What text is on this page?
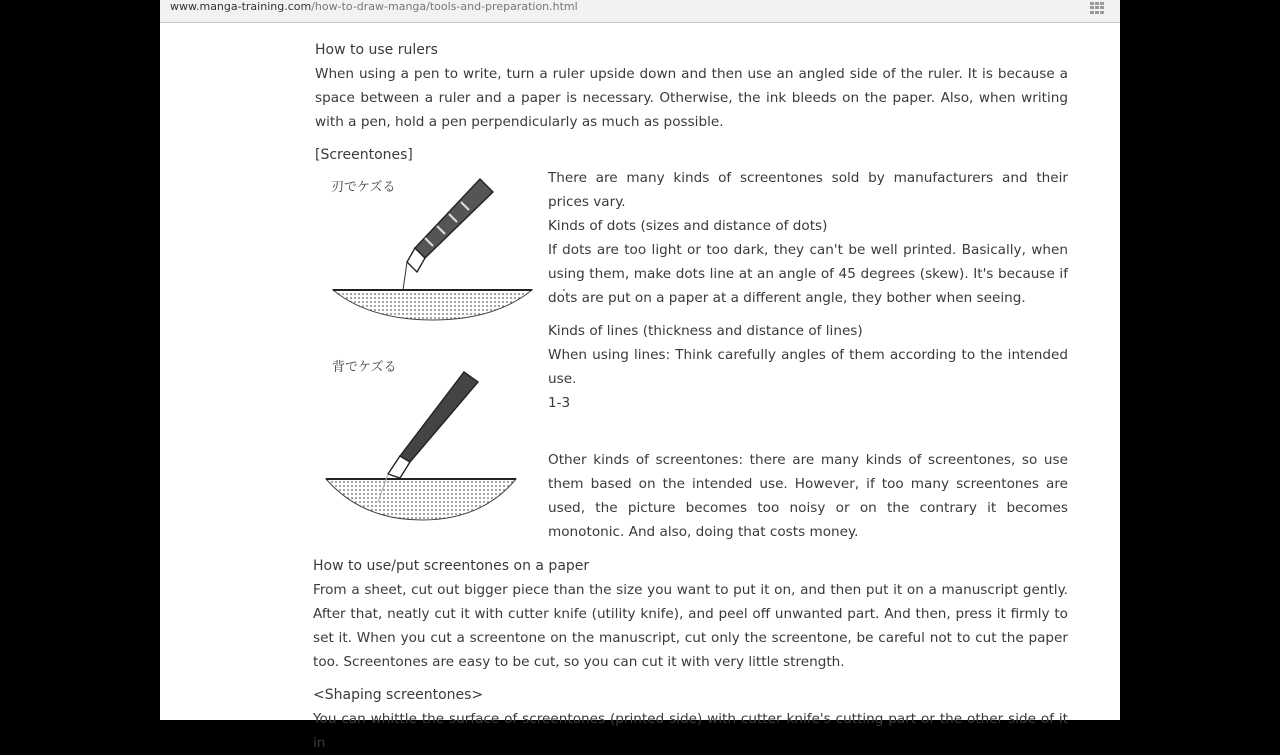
www.manga-training.com/how-to-draw-manga/tools-and-preparation.html
How to use rulers
When using a pen to write, turn a ruler upside down and then use an angled side of the ruler. It is because a space between a ruler and a paper is necessary. Otherwise, the ink bleeds on the paper. Also, when writing with a pen, hold a pen perpendicularly as much as possible.
[Screentones]
刃でケズる
背でケズる
There are many kinds of screentones sold by manufacturers and their prices vary.
Kinds of dots (sizes and distance of dots)
If dots are too light or too dark, they can't be well printed. Basically, when using them, make dots line at an angle of 45 degrees (skew). It's because if dots are put on a paper at a different angle, they bother when seeing.
Kinds of lines (thickness and distance of lines)
When using lines: Think carefully angles of them according to the intended use.
1-3
Other kinds of screentones: there are many kinds of screentones, so use them based on the intended use. However, if too many screentones are used, the picture becomes too noisy or on the contrary it becomes monotonic. And also, doing that costs money.
How to use/put screentones on a paper
From a sheet, cut out bigger piece than the size you want to put it on, and then put it on a manuscript gently. After that, neatly cut it with cutter knife (utility knife), and peel off unwanted part. And then, press it firmly to set it. When you cut a screentone on the manuscript, cut only the screentone, be careful not to cut the paper too. Screentones are easy to be cut, so you can cut it with very little strength.
<Shaping screentones>
You can whittle the surface of screentones (printed side) with cutter knife's cutting part or the other side of it in
